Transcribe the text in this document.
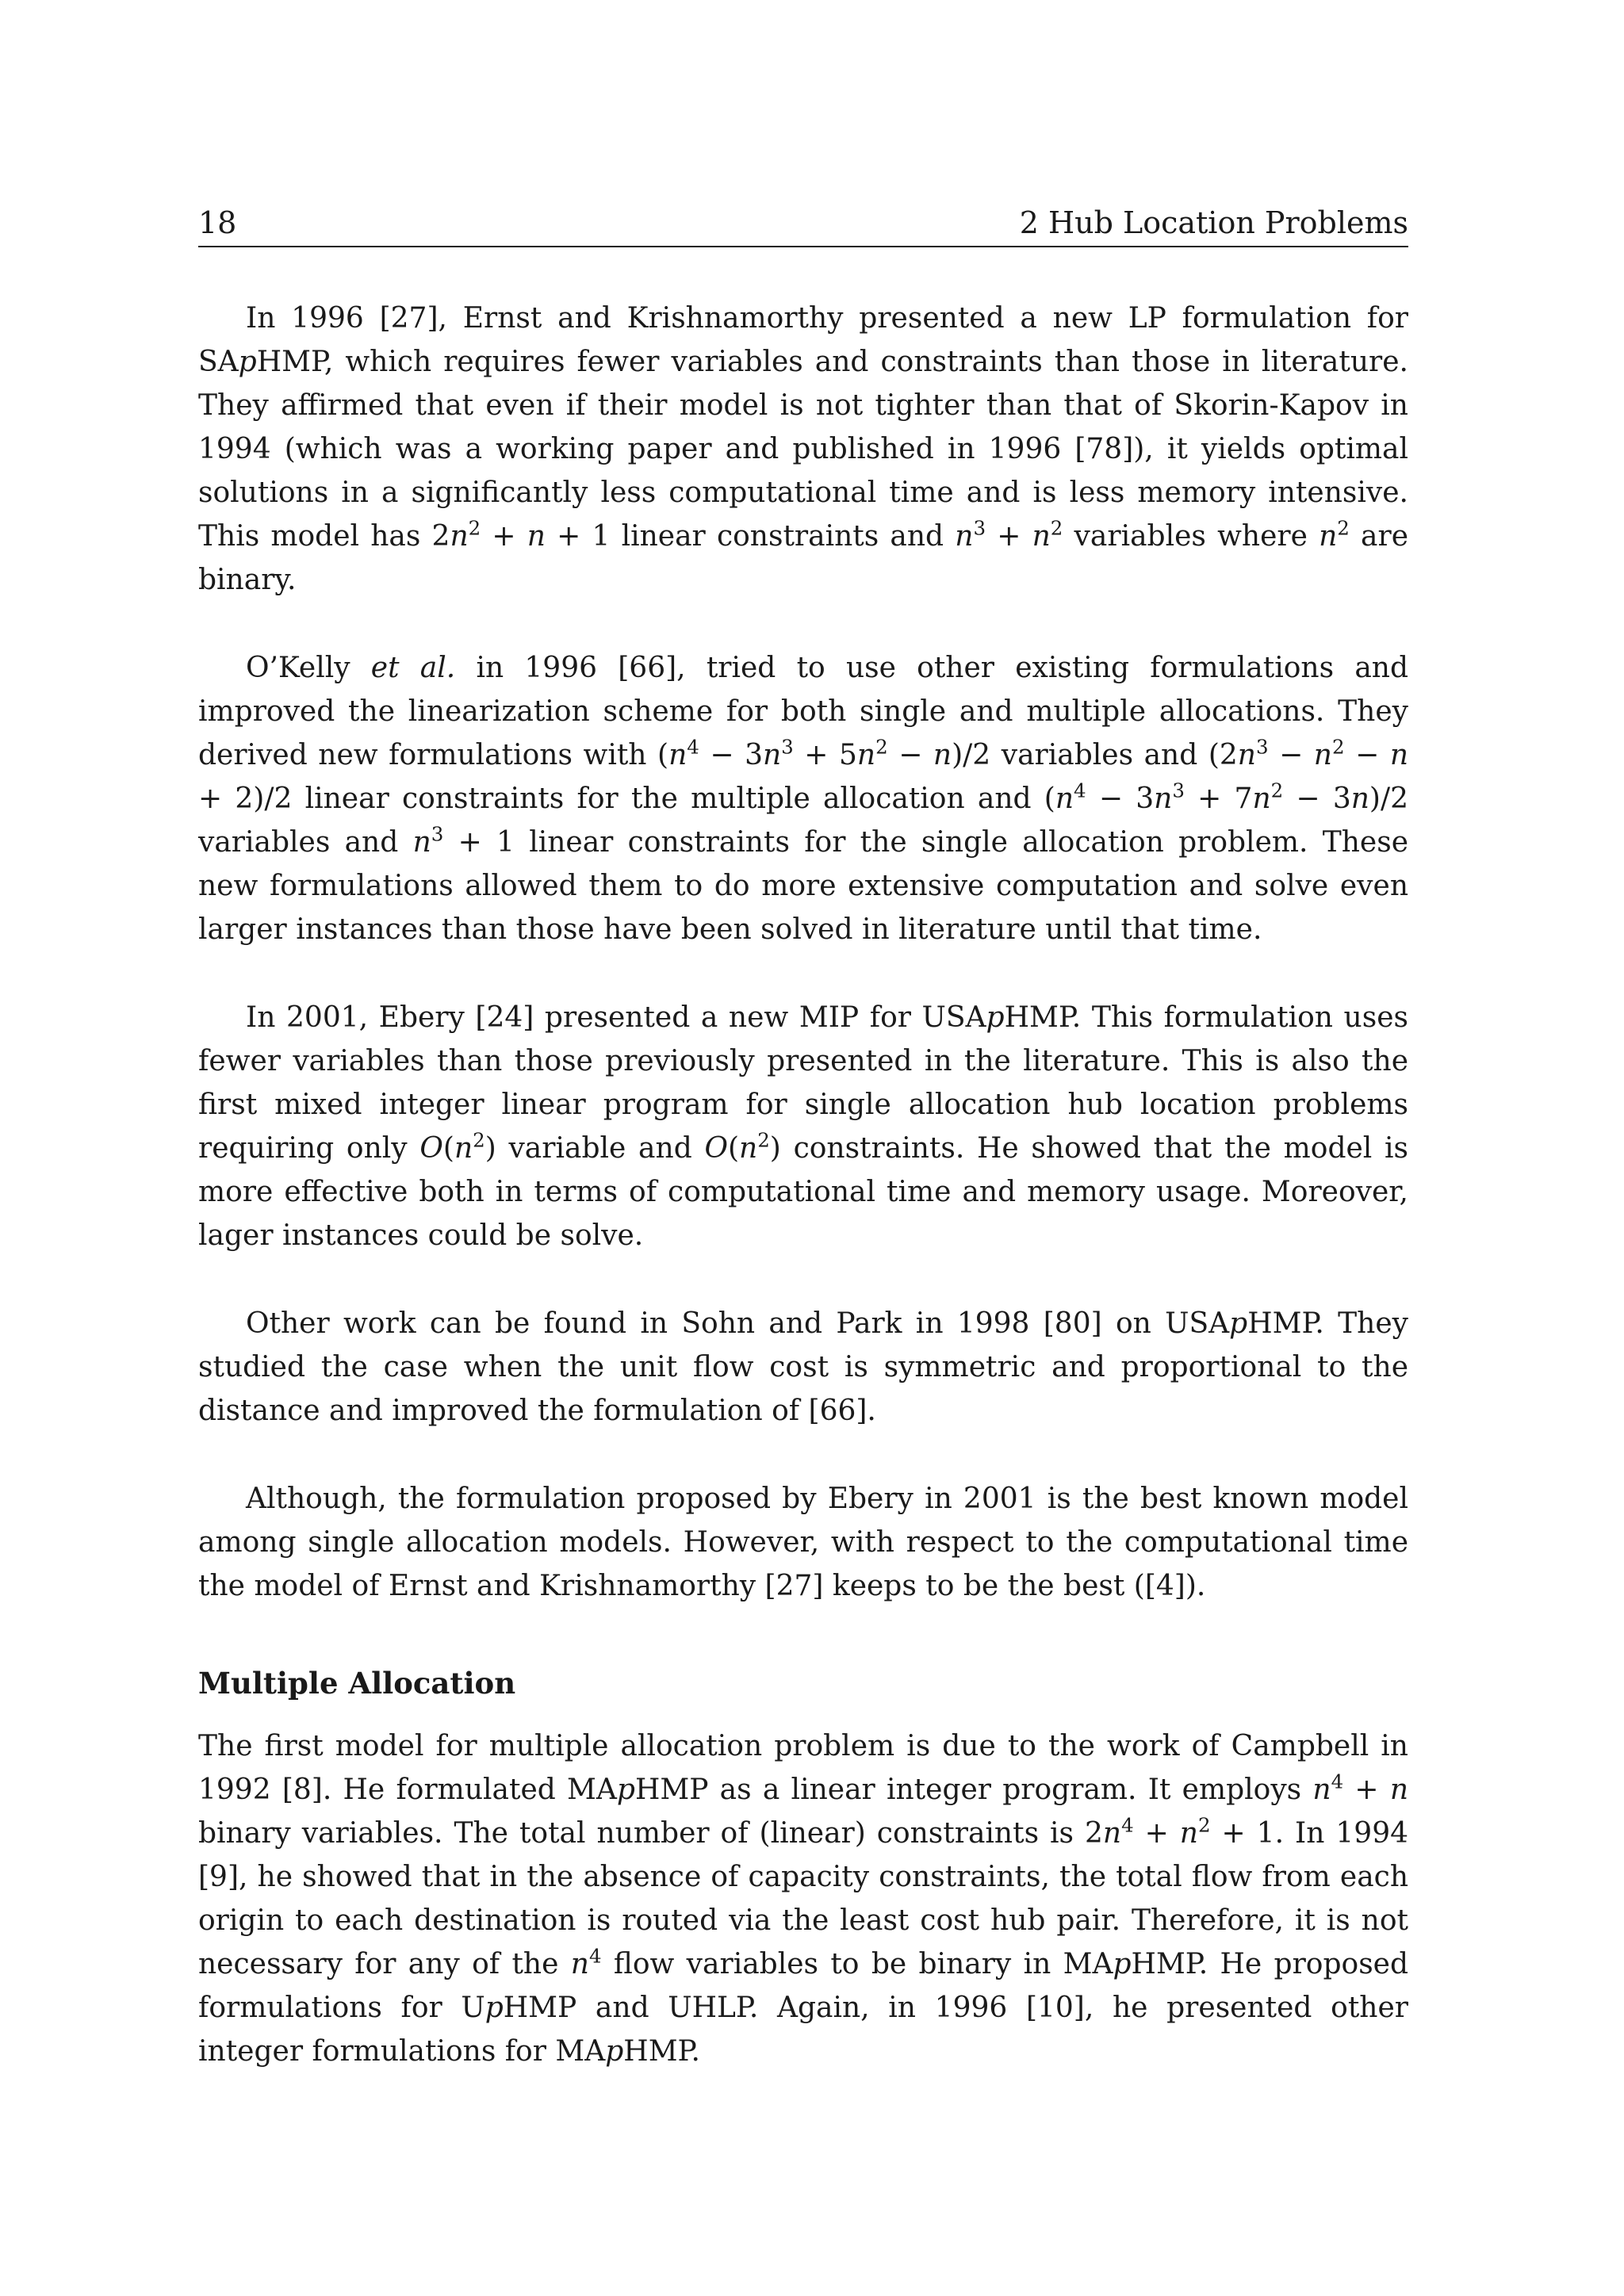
18	2 Hub Location Problems

In 1996 [27], Ernst and Krishnamorthy presented a new LP formulation for SApHMP, which requires fewer variables and constraints than those in literature. They affirmed that even if their model is not tighter than that of Skorin-Kapov in 1994 (which was a working paper and published in 1996 [78]), it yields optimal solutions in a significantly less computational time and is less memory intensive. This model has $2n^2 + n + 1$ linear constraints and $n^3 + n^2$ variables where $n^2$ are binary.

O’Kelly et al. in 1996 [66], tried to use other existing formulations and improved the linearization scheme for both single and multiple allocations. They derived new formulations with $(n^4 - 3n^3 + 5n^2 - n)/2$ variables and $(2n^3 - n^2 - n + 2)/2$ linear constraints for the multiple allocation and $(n^4 - 3n^3 + 7n^2 - 3n)/2$ variables and $n^3 + 1$ linear constraints for the single allocation problem. These new formulations allowed them to do more extensive computation and solve even larger instances than those have been solved in literature until that time.

In 2001, Ebery [24] presented a new MIP for USApHMP. This formulation uses fewer variables than those previously presented in the literature. This is also the first mixed integer linear program for single allocation hub location problems requiring only $O(n^2)$ variable and $O(n^2)$ constraints. He showed that the model is more effective both in terms of computational time and memory usage. Moreover, lager instances could be solve.

Other work can be found in Sohn and Park in 1998 [80] on USApHMP. They studied the case when the unit flow cost is symmetric and proportional to the distance and improved the formulation of [66].

Although, the formulation proposed by Ebery in 2001 is the best known model among single allocation models. However, with respect to the computational time the model of Ernst and Krishnamorthy [27] keeps to be the best ([4]).

Multiple Allocation

The first model for multiple allocation problem is due to the work of Campbell in 1992 [8]. He formulated MApHMP as a linear integer program. It employs $n^4 + n$ binary variables. The total number of (linear) constraints is $2n^4 + n^2 + 1$. In 1994 [9], he showed that in the absence of capacity constraints, the total flow from each origin to each destination is routed via the least cost hub pair. Therefore, it is not necessary for any of the $n^4$ flow variables to be binary in MApHMP. He proposed formulations for UpHMP and UHLP. Again, in 1996 [10], he presented other integer formulations for MApHMP.
